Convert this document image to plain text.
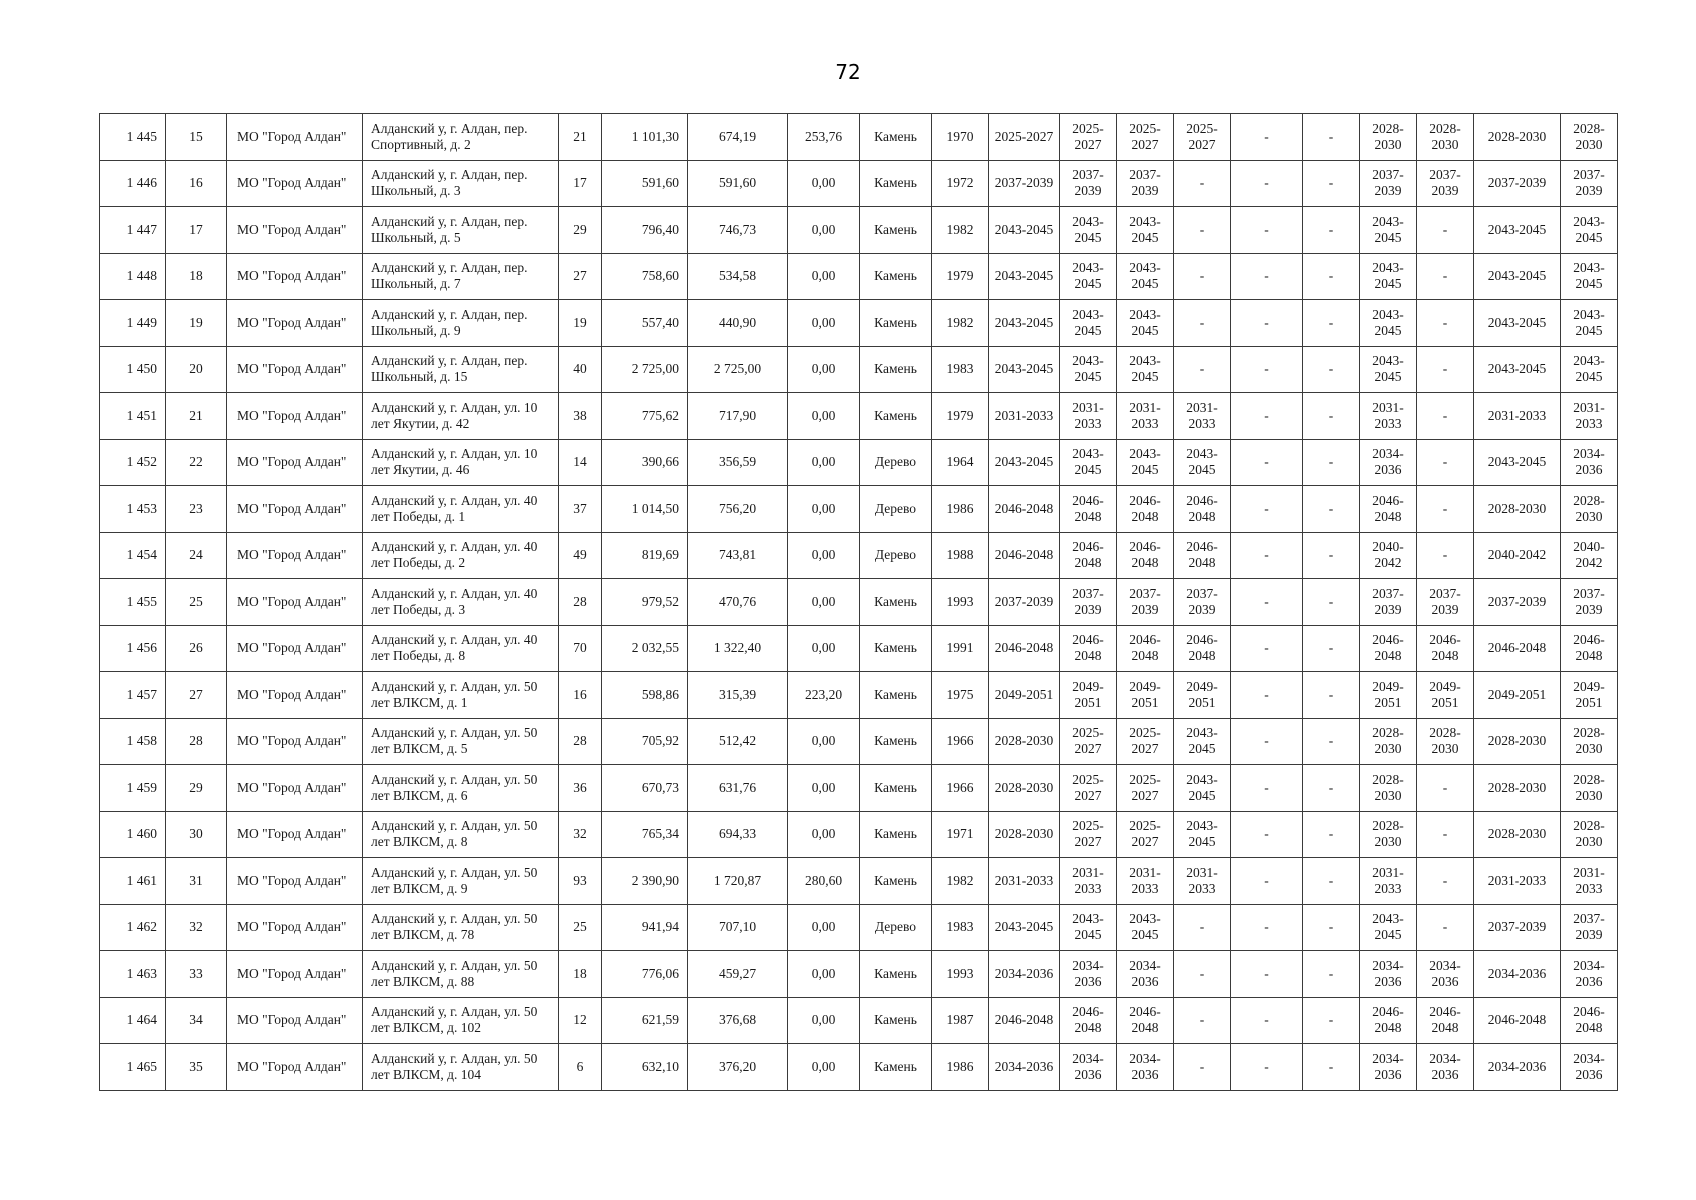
72
1 445	15	МО "Город Алдан"	Алданский у, г. Алдан, пер. Спортивный, д. 2	21	1 101,30	674,19	253,76	Камень	1970	2025-2027	2025-2027	2025-2027	2025-2027	-	-	2028-2030	2028-2030	2028-2030	2028-2030
1 446	16	МО "Город Алдан"	Алданский у, г. Алдан, пер. Школьный, д. 3	17	591,60	591,60	0,00	Камень	1972	2037-2039	2037-2039	2037-2039	-	-	-	2037-2039	2037-2039	2037-2039	2037-2039
1 447	17	МО "Город Алдан"	Алданский у, г. Алдан, пер. Школьный, д. 5	29	796,40	746,73	0,00	Камень	1982	2043-2045	2043-2045	2043-2045	-	-	-	2043-2045	-	2043-2045	2043-2045
1 448	18	МО "Город Алдан"	Алданский у, г. Алдан, пер. Школьный, д. 7	27	758,60	534,58	0,00	Камень	1979	2043-2045	2043-2045	2043-2045	-	-	-	2043-2045	-	2043-2045	2043-2045
1 449	19	МО "Город Алдан"	Алданский у, г. Алдан, пер. Школьный, д. 9	19	557,40	440,90	0,00	Камень	1982	2043-2045	2043-2045	2043-2045	-	-	-	2043-2045	-	2043-2045	2043-2045
1 450	20	МО "Город Алдан"	Алданский у, г. Алдан, пер. Школьный, д. 15	40	2 725,00	2 725,00	0,00	Камень	1983	2043-2045	2043-2045	2043-2045	-	-	-	2043-2045	-	2043-2045	2043-2045
1 451	21	МО "Город Алдан"	Алданский у, г. Алдан, ул. 10 лет Якутии, д. 42	38	775,62	717,90	0,00	Камень	1979	2031-2033	2031-2033	2031-2033	2031-2033	-	-	2031-2033	-	2031-2033	2031-2033
1 452	22	МО "Город Алдан"	Алданский у, г. Алдан, ул. 10 лет Якутии, д. 46	14	390,66	356,59	0,00	Дерево	1964	2043-2045	2043-2045	2043-2045	2043-2045	-	-	2034-2036	-	2043-2045	2034-2036
1 453	23	МО "Город Алдан"	Алданский у, г. Алдан, ул. 40 лет Победы, д. 1	37	1 014,50	756,20	0,00	Дерево	1986	2046-2048	2046-2048	2046-2048	2046-2048	-	-	2046-2048	-	2028-2030	2028-2030
1 454	24	МО "Город Алдан"	Алданский у, г. Алдан, ул. 40 лет Победы, д. 2	49	819,69	743,81	0,00	Дерево	1988	2046-2048	2046-2048	2046-2048	2046-2048	-	-	2040-2042	-	2040-2042	2040-2042
1 455	25	МО "Город Алдан"	Алданский у, г. Алдан, ул. 40 лет Победы, д. 3	28	979,52	470,76	0,00	Камень	1993	2037-2039	2037-2039	2037-2039	2037-2039	-	-	2037-2039	2037-2039	2037-2039	2037-2039
1 456	26	МО "Город Алдан"	Алданский у, г. Алдан, ул. 40 лет Победы, д. 8	70	2 032,55	1 322,40	0,00	Камень	1991	2046-2048	2046-2048	2046-2048	2046-2048	-	-	2046-2048	2046-2048	2046-2048	2046-2048
1 457	27	МО "Город Алдан"	Алданский у, г. Алдан, ул. 50 лет ВЛКСМ, д. 1	16	598,86	315,39	223,20	Камень	1975	2049-2051	2049-2051	2049-2051	2049-2051	-	-	2049-2051	2049-2051	2049-2051	2049-2051
1 458	28	МО "Город Алдан"	Алданский у, г. Алдан, ул. 50 лет ВЛКСМ, д. 5	28	705,92	512,42	0,00	Камень	1966	2028-2030	2025-2027	2025-2027	2043-2045	-	-	2028-2030	2028-2030	2028-2030	2028-2030
1 459	29	МО "Город Алдан"	Алданский у, г. Алдан, ул. 50 лет ВЛКСМ, д. 6	36	670,73	631,76	0,00	Камень	1966	2028-2030	2025-2027	2025-2027	2043-2045	-	-	2028-2030	-	2028-2030	2028-2030
1 460	30	МО "Город Алдан"	Алданский у, г. Алдан, ул. 50 лет ВЛКСМ, д. 8	32	765,34	694,33	0,00	Камень	1971	2028-2030	2025-2027	2025-2027	2043-2045	-	-	2028-2030	-	2028-2030	2028-2030
1 461	31	МО "Город Алдан"	Алданский у, г. Алдан, ул. 50 лет ВЛКСМ, д. 9	93	2 390,90	1 720,87	280,60	Камень	1982	2031-2033	2031-2033	2031-2033	2031-2033	-	-	2031-2033	-	2031-2033	2031-2033
1 462	32	МО "Город Алдан"	Алданский у, г. Алдан, ул. 50 лет ВЛКСМ, д. 78	25	941,94	707,10	0,00	Дерево	1983	2043-2045	2043-2045	2043-2045	-	-	-	2043-2045	-	2037-2039	2037-2039
1 463	33	МО "Город Алдан"	Алданский у, г. Алдан, ул. 50 лет ВЛКСМ, д. 88	18	776,06	459,27	0,00	Камень	1993	2034-2036	2034-2036	2034-2036	-	-	-	2034-2036	2034-2036	2034-2036	2034-2036
1 464	34	МО "Город Алдан"	Алданский у, г. Алдан, ул. 50 лет ВЛКСМ, д. 102	12	621,59	376,68	0,00	Камень	1987	2046-2048	2046-2048	2046-2048	-	-	-	2046-2048	2046-2048	2046-2048	2046-2048
1 465	35	МО "Город Алдан"	Алданский у, г. Алдан, ул. 50 лет ВЛКСМ, д. 104	6	632,10	376,20	0,00	Камень	1986	2034-2036	2034-2036	2034-2036	-	-	-	2034-2036	2034-2036	2034-2036	2034-2036
